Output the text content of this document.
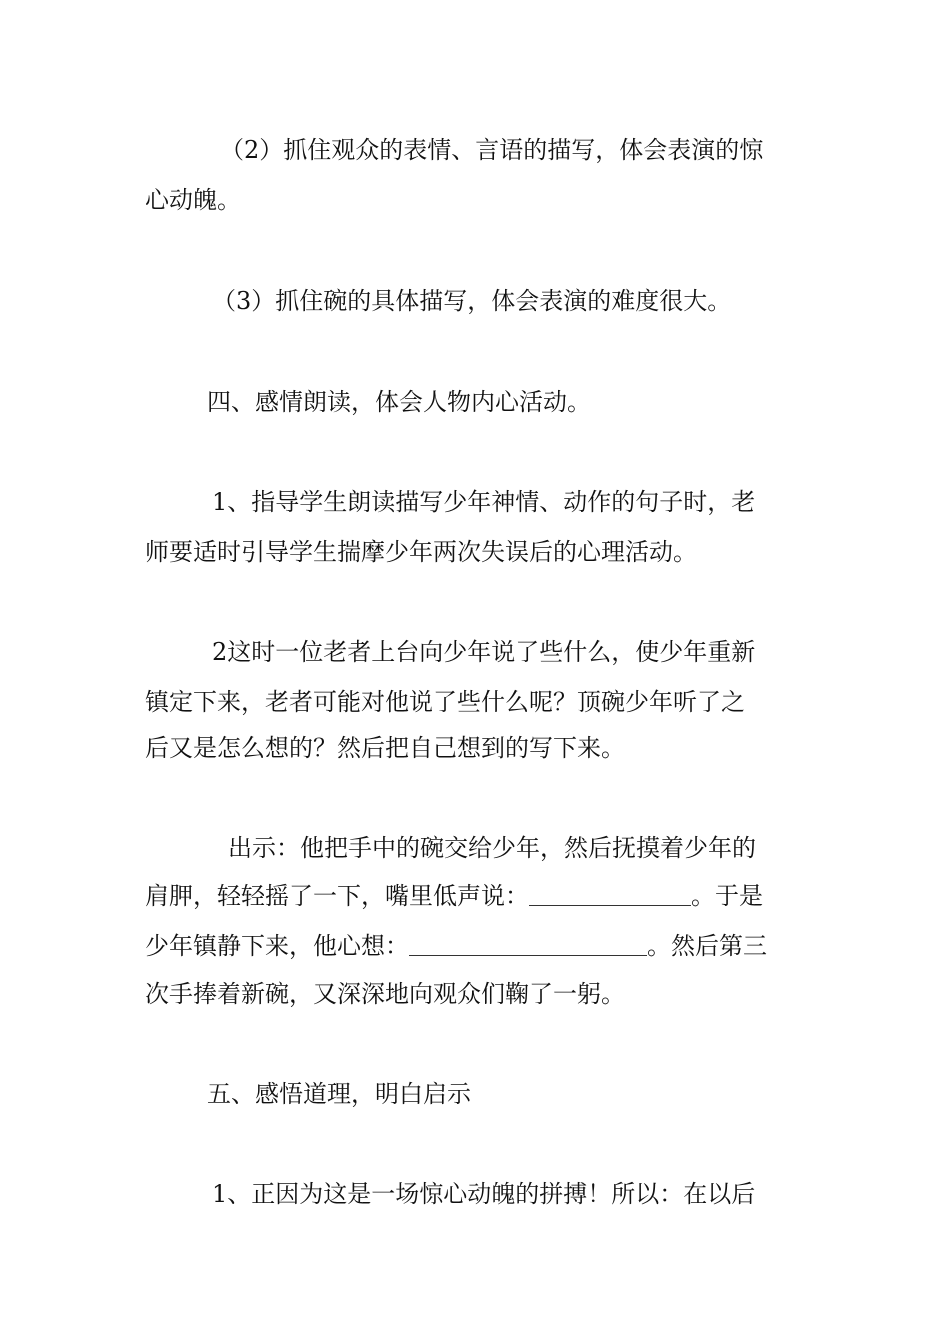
（2）抓住观众的表情、言语的描写，体会表演的惊
心动魄。
（3）抓住碗的具体描写，体会表演的难度很大。
四、感情朗读，体会人物内心活动。
1、指导学生朗读描写少年神情、动作的句子时，老
师要适时引导学生揣摩少年两次失误后的心理活动。
2这时一位老者上台向少年说了些什么，使少年重新
镇定下来，老者可能对他说了些什么呢？顶碗少年听了之
后又是怎么想的？然后把自己想到的写下来。
出示：他把手中的碗交给少年，然后抚摸着少年的
肩胛，轻轻摇了一下，嘴里低声说：	。于是
少年镇静下来，他心想：	。然后第三
次手捧着新碗，又深深地向观众们鞠了一躬。
五、感悟道理，明白启示
1、正因为这是一场惊心动魄的拼搏！所以：在以后
